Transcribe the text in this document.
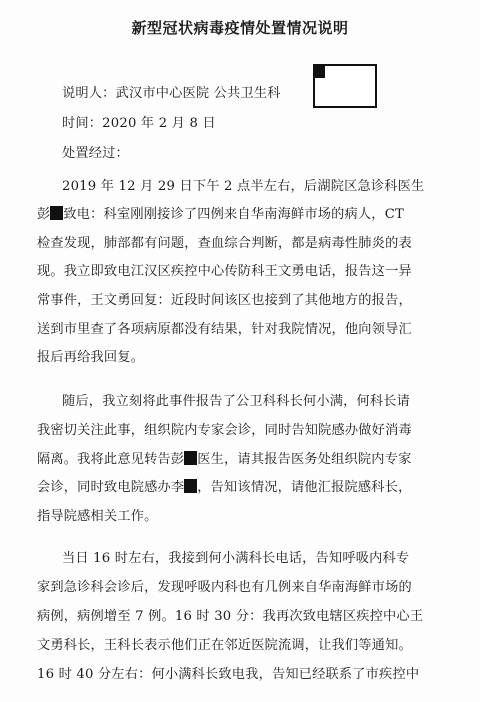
新型冠状病毒疫情处置情况说明
说明人：武汉市中心医院 公共卫生科
时间：2020 年 2 月 8 日
处置经过：
2019 年 12 月 29 日下午 2 点半左右，后湖院区急诊科医生
彭 致电：科室刚刚接诊了四例来自华南海鲜市场的病人，CT
检查发现，肺部都有问题，查血综合判断，都是病毒性肺炎的表
现。我立即致电江汉区疾控中心传防科王文勇电话，报告这一异
常事件，王文勇回复：近段时间该区也接到了其他地方的报告，
送到市里查了各项病原都没有结果，针对我院情况，他向领导汇
报后再给我回复。
随后，我立刻将此事件报告了公卫科科长何小满，何科长请
我密切关注此事，组织院内专家会诊，同时告知院感办做好消毒
隔离。我将此意见转告彭 医生，请其报告医务处组织院内专家
会诊，同时致电院感办李 ，告知该情况，请他汇报院感科长，
指导院感相关工作。
当日 16 时左右，我接到何小满科长电话，告知呼吸内科专
家到急诊科会诊后，发现呼吸内科也有几例来自华南海鲜市场的
病例，病例增至 7 例。16 时 30 分：我再次致电辖区疾控中心王
文勇科长，王科长表示他们正在邻近医院流调，让我们等通知。
16 时 40 分左右：何小满科长致电我，告知已经联系了市疾控中
